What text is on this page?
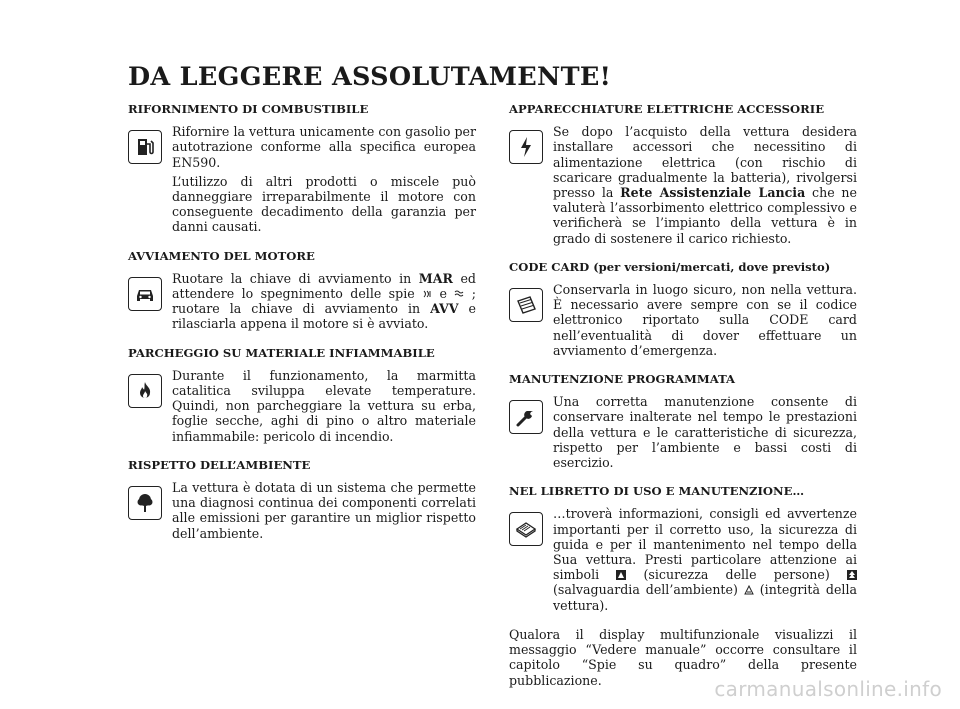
DA LEGGERE ASSOLUTAMENTE!
RIFORNIMENTO DI COMBUSTIBILE

Rifornire la vettura unicamente con gasolio per autotrazione conforme alla specifica europea EN590.

L’utilizzo di altri prodotti o miscele può danneggiare irreparabilmente il motore con conseguente decadimento della garanzia per danni causati.

AVVIAMENTO DEL MOTORE

Ruotare la chiave di avviamento in MAR ed attendere lo spegnimento delle spie e ; ruotare la chiave di avviamento in AVV e rilasciarla appena il motore si è avviato.

PARCHEGGIO SU MATERIALE INFIAMMABILE

Durante il funzionamento, la marmitta catalitica sviluppa elevate temperature. Quindi, non parcheggiare la vettura su erba, foglie secche, aghi di pino o altro materiale infiammabile: pericolo di incendio.

RISPETTO DELL’AMBIENTE

La vettura è dotata di un sistema che permette una diagnosi continua dei componenti correlati alle emissioni per garantire un miglior rispetto dell’ambiente.

APPARECCHIATURE ELETTRICHE ACCESSORIE

Se dopo l’acquisto della vettura desidera installare accessori che necessitino di alimentazione elettrica (con rischio di scaricare gradualmente la batteria), rivolgersi presso la Rete Assistenziale Lancia che ne valuterà l’assorbimento elettrico complessivo e verificherà se l’impianto della vettura è in grado di sostenere il carico richiesto.

CODE CARD (per versioni/mercati, dove previsto)

Conservarla in luogo sicuro, non nella vettura. È necessario avere sempre con se il codice elettronico riportato sulla CODE card nell’eventualità di dover effettuare un avviamento d’emergenza.

MANUTENZIONE PROGRAMMATA

Una corretta manutenzione consente di conservare inalterate nel tempo le prestazioni della vettura e le caratteristiche di sicurezza, rispetto per l’ambiente e bassi costi di esercizio.

NEL LIBRETTO DI USO E MANUTENZIONE…

…troverà informazioni, consigli ed avvertenze importanti per il corretto uso, la sicurezza di guida e per il mantenimento nel tempo della Sua vettura. Presti particolare attenzione ai simboli	(sicurezza delle persone)  (salvaguardia dell’ambiente) (integrità della vettura).

Qualora il display multifunzionale visualizzi il messaggio “Vedere manuale” occorre consultare il capitolo “Spie su quadro” della presente pubblicazione.	carmanualsonline.info
